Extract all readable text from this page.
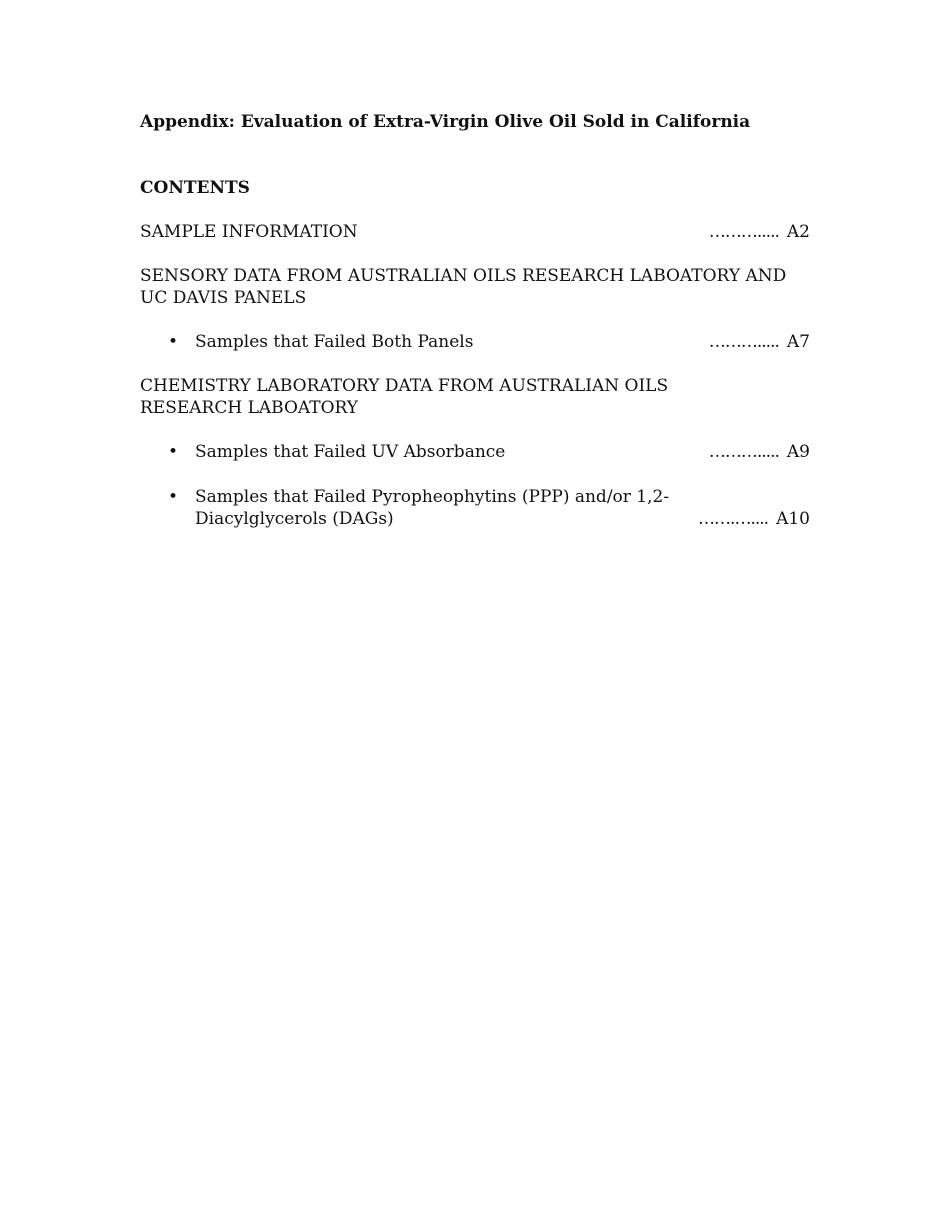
Appendix: Evaluation of Extra-Virgin Olive Oil Sold in California
CONTENTS
SAMPLE INFORMATION	………..... A2
SENSORY DATA FROM AUSTRALIAN OILS RESEARCH LABOATORY AND UC DAVIS PANELS
• Samples that Failed Both Panels	………..... A7
CHEMISTRY LABORATORY DATA FROM AUSTRALIAN OILS RESEARCH LABOATORY
• Samples that Failed UV Absorbance	………..... A9
• Samples that Failed Pyropheophytins (PPP) and/or 1,2-Diacylglycerols (DAGs)	…….….... A10
